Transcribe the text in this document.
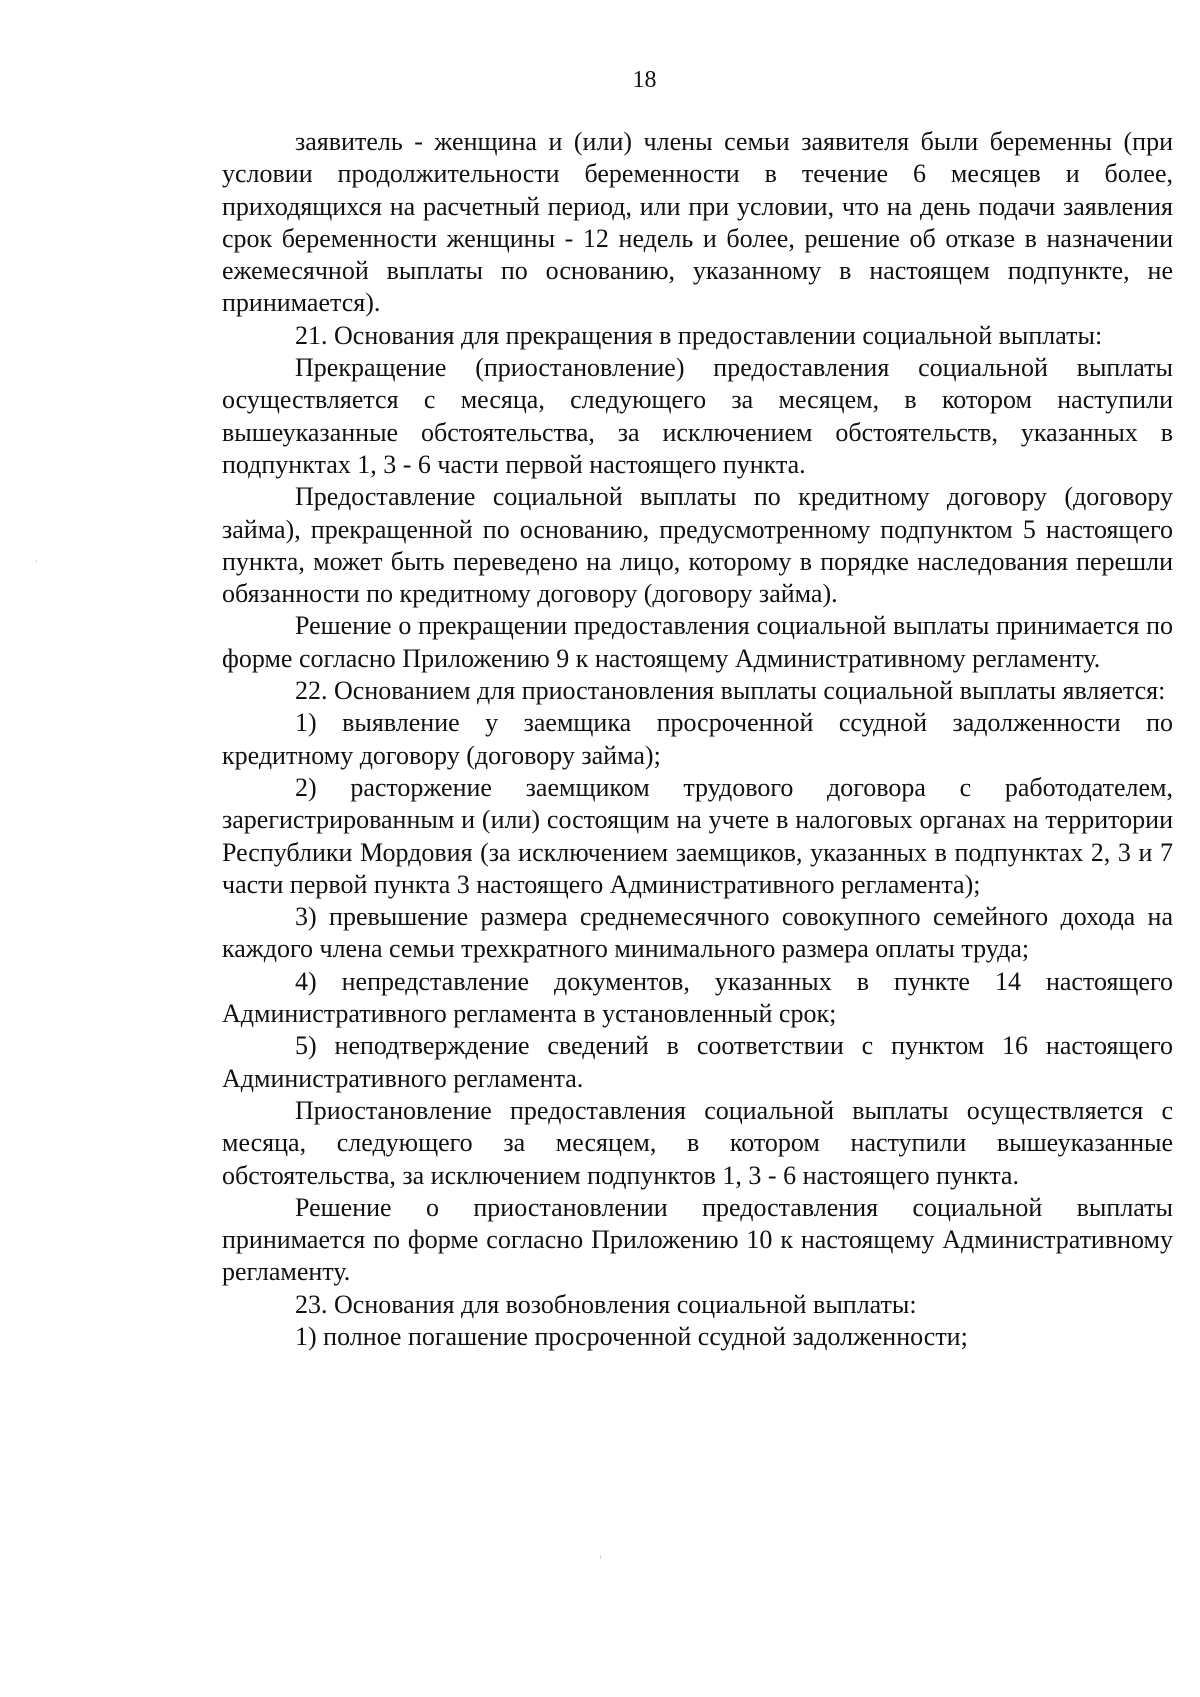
18

заявитель - женщина и (или) члены семьи заявителя были беременны (при условии продолжительности беременности в течение 6 месяцев и более, приходящихся на расчетный период, или при условии, что на день подачи заявления срок беременности женщины - 12 недель и более, решение об отказе в назначении ежемесячной выплаты по основанию, указанному в настоящем подпункте, не принимается).

21. Основания для прекращения в предоставлении социальной выплаты:

Прекращение (приостановление) предоставления социальной выплаты осуществляется с месяца, следующего за месяцем, в котором наступили вышеуказанные обстоятельства, за исключением обстоятельств, указанных в подпунктах 1, 3 - 6 части первой настоящего пункта.

Предоставление социальной выплаты по кредитному договору (договору займа), прекращенной по основанию, предусмотренному подпунктом 5 настоящего пункта, может быть переведено на лицо, которому в порядке наследования перешли обязанности по кредитному договору (договору займа).

Решение о прекращении предоставления социальной выплаты принимается по форме согласно Приложению 9 к настоящему Административному регламенту.

22. Основанием для приостановления выплаты социальной выплаты является:

1) выявление у заемщика просроченной ссудной задолженности по кредитному договору (договору займа);

2) расторжение заемщиком трудового договора с работодателем, зарегистрированным и (или) состоящим на учете в налоговых органах на территории Республики Мордовия (за исключением заемщиков, указанных в подпунктах 2, 3 и 7 части первой пункта 3 настоящего Административного регламента);

3) превышение размера среднемесячного совокупного семейного дохода на каждого члена семьи трехкратного минимального размера оплаты труда;

4) непредставление документов, указанных в пункте 14 настоящего Административного регламента в установленный срок;

5) неподтверждение сведений в соответствии с пунктом 16 настоящего Административного регламента.

Приостановление предоставления социальной выплаты осуществляется с месяца, следующего за месяцем, в котором наступили вышеуказанные обстоятельства, за исключением подпунктов 1, 3 - 6 настоящего пункта.

Решение о приостановлении предоставления социальной выплаты принимается по форме согласно Приложению 10 к настоящему Административному регламенту.

23. Основания для возобновления социальной выплаты:

1) полное погашение просроченной ссудной задолженности;
